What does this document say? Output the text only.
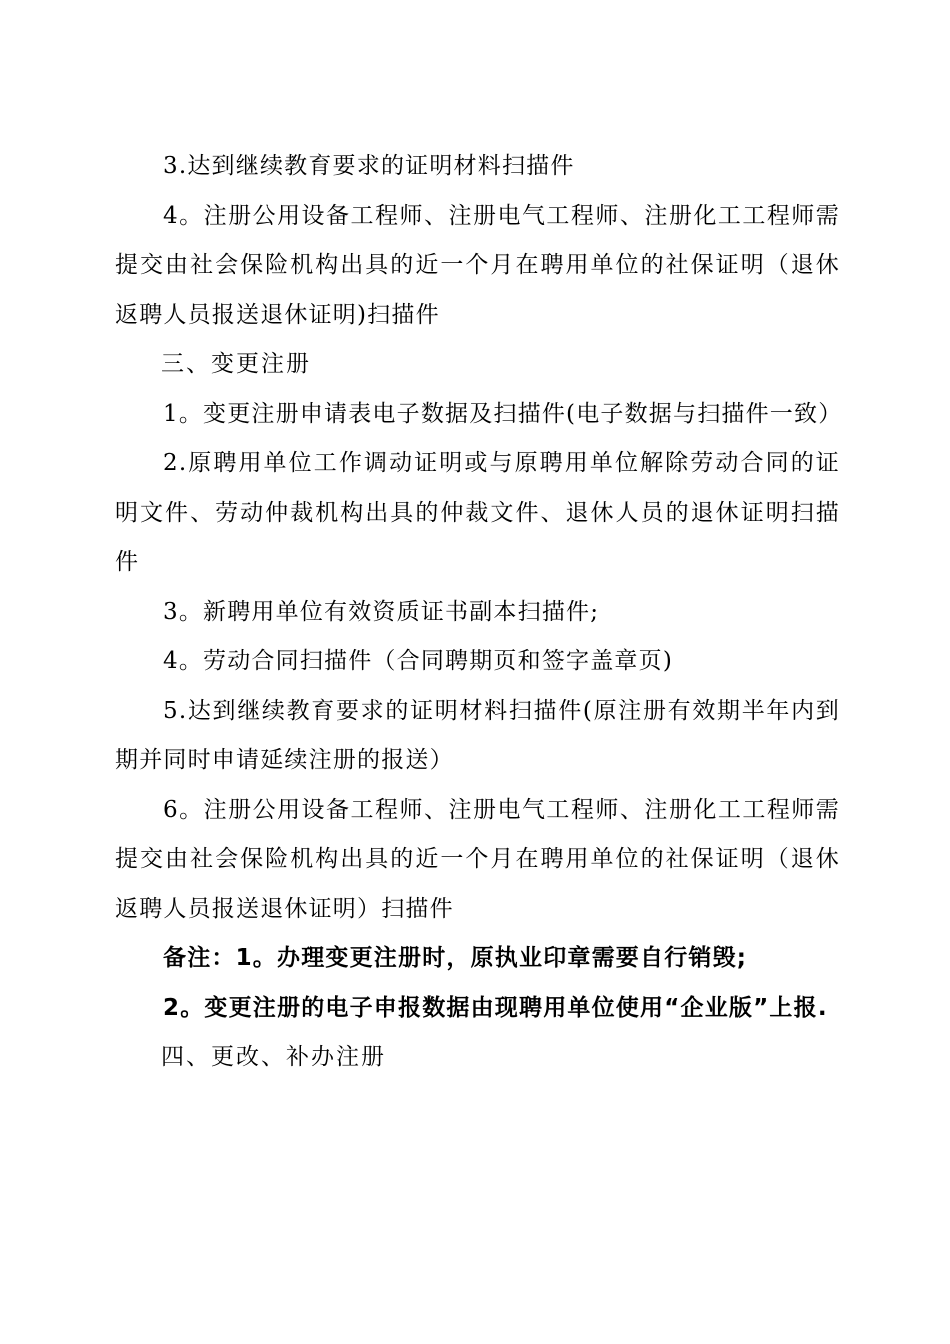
3.达到继续教育要求的证明材料扫描件

4。注册公用设备工程师、注册电气工程师、注册化工工程师需提交由社会保险机构出具的近一个月在聘用单位的社保证明（退休返聘人员报送退休证明)扫描件

三、变更注册

1。变更注册申请表电子数据及扫描件(电子数据与扫描件一致）

2.原聘用单位工作调动证明或与原聘用单位解除劳动合同的证明文件、劳动仲裁机构出具的仲裁文件、退休人员的退休证明扫描件

3。新聘用单位有效资质证书副本扫描件;

4。劳动合同扫描件（合同聘期页和签字盖章页)

5.达到继续教育要求的证明材料扫描件(原注册有效期半年内到期并同时申请延续注册的报送）

6。注册公用设备工程师、注册电气工程师、注册化工工程师需提交由社会保险机构出具的近一个月在聘用单位的社保证明（退休返聘人员报送退休证明）扫描件

备注：1。办理变更注册时，原执业印章需要自行销毁;

2。变更注册的电子申报数据由现聘用单位使用“企业版”上报.

四、更改、补办注册
